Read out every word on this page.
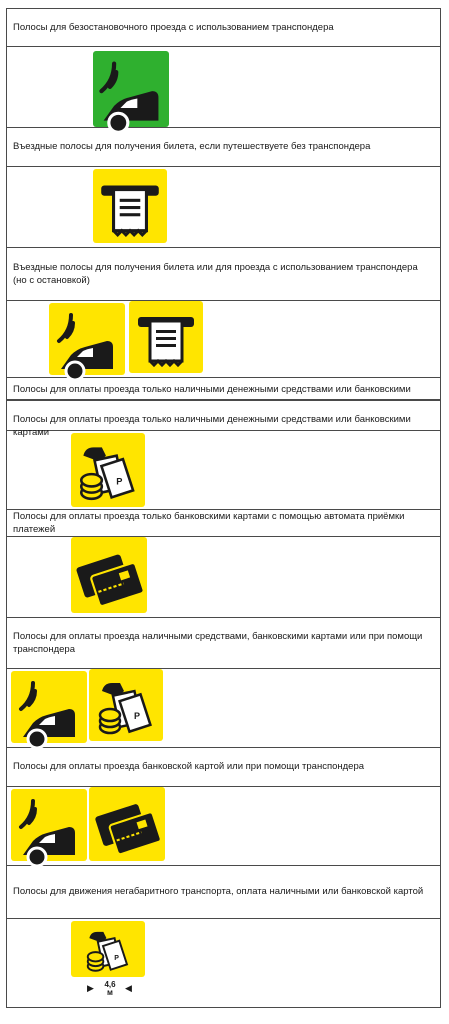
Полосы для безостановочного проезда с использованием транспондера
Въездные полосы для получения билета, если путешествуете без транспондера
Въездные полосы для получения билета или для проезда с использованием транспондера (но с остановкой)
Полосы для оплаты проезда только наличными денежными средствами или банковскими
Полосы для оплаты проезда только наличными денежными средствами или банковскими картами
Полосы для оплаты проезда только банковскими картами с помощью автомата приёмки платежей
Полосы для оплаты проезда наличными средствами, банковскими картами или при помощи транспондера
Полосы для оплаты проезда банковской картой или при помощи транспондера
Полосы для движения негабаритного транспорта, оплата наличными или банковской картой
▶	4,6
м	◀
